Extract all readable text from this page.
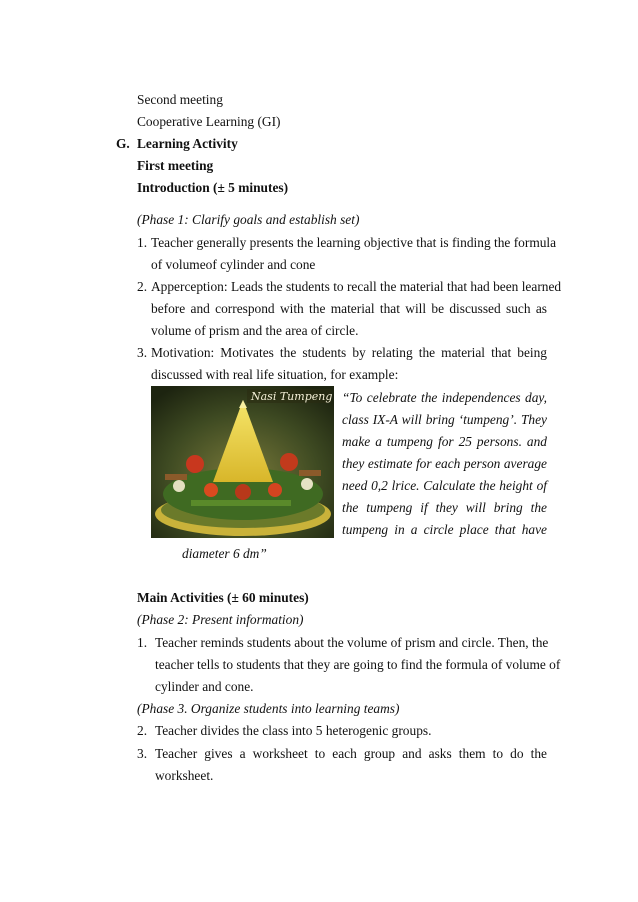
Second meeting
Cooperative Learning (GI)
G. Learning Activity
First meeting
Introduction (± 5 minutes)
(Phase 1: Clarify goals and establish set)
1. Teacher generally presents the learning objective that is finding the formula
of volumeof cylinder and cone
2. Apperception: Leads the students to recall the material that had been learned
before and correspond with the material that will be discussed such as
volume of prism and the area of circle.
3. Motivation: Motivates the students by relating the material that being
discussed with real life situation, for example:
Nasi Tumpeng “To celebrate the independences day,
class IX-A will bring ‘tumpeng’. They
make a tumpeng for 25 persons. and
they estimate for each person average
need 0,2 lrice. Calculate the height of
the tumpeng if they will bring the
tumpeng in a circle place that have
diameter 6 dm”
Main Activities (± 60 minutes)
(Phase 2: Present information)
1. Teacher reminds students about the volume of prism and circle. Then, the
teacher tells to students that they are going to find the formula of volume of
cylinder and cone.
(Phase 3. Organize students into learning teams)
2. Teacher divides the class into 5 heterogenic groups.
3. Teacher gives a worksheet to each group and asks them to do the
worksheet.
